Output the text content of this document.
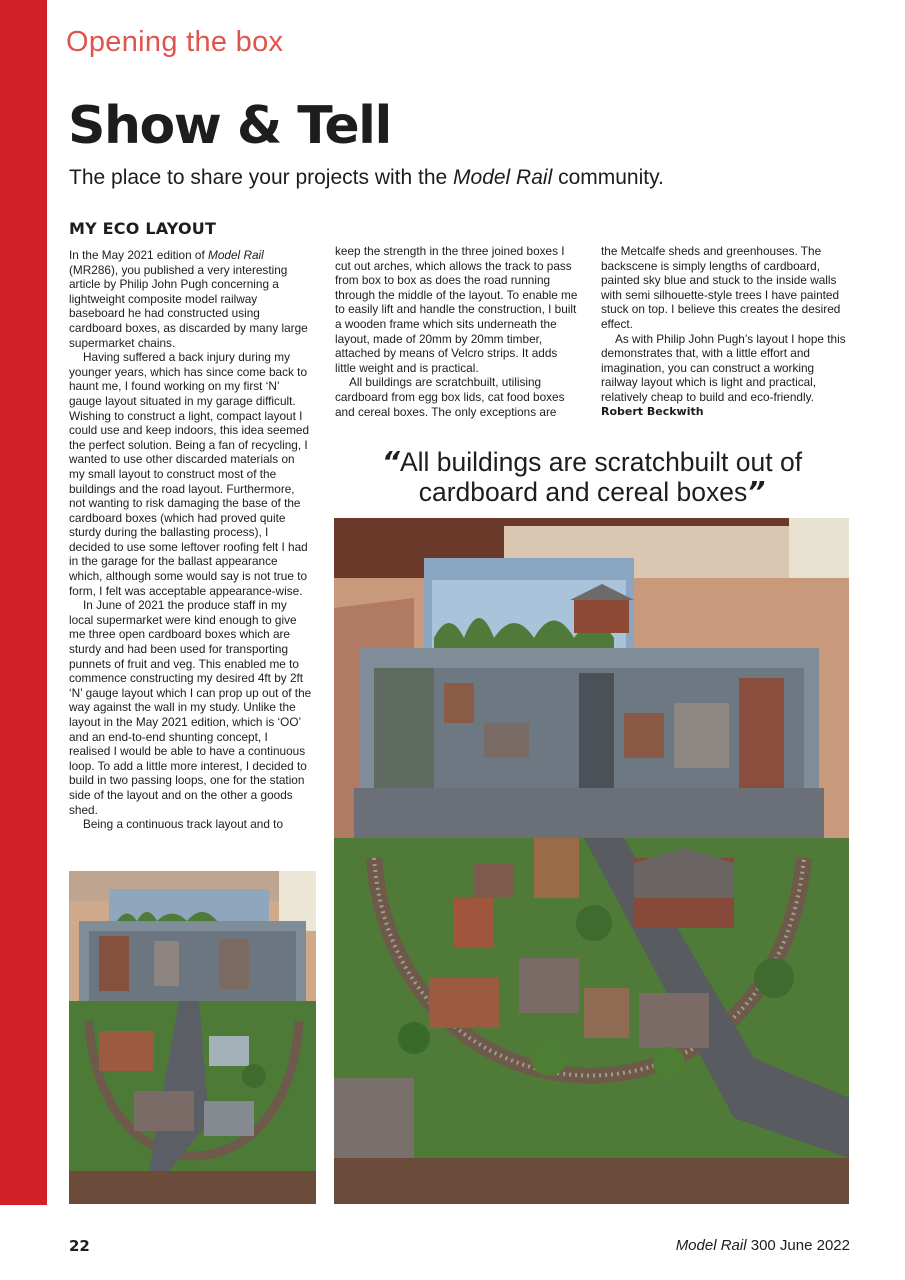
Opening the box
Show & Tell
The place to share your projects with the Model Rail community.
MY ECO LAYOUT

In the May 2021 edition of Model Rail (MR286), you published a very interesting article by Philip John Pugh concerning a lightweight composite model railway baseboard he had constructed using cardboard boxes, as discarded by many large supermarket chains.

Having suffered a back injury during my younger years, which has since come back to haunt me, I found working on my first ‘N’ gauge layout situated in my garage difficult. Wishing to construct a light, compact layout I could use and keep indoors, this idea seemed the perfect solution. Being a fan of recycling, I wanted to use other discarded materials on my small layout to construct most of the buildings and the road layout. Furthermore, not wanting to risk damaging the base of the cardboard boxes (which had proved quite sturdy during the ballasting process), I decided to use some leftover roofing felt I had in the garage for the ballast appearance which, although some would say is not true to form, I felt was acceptable appearance-wise.

In June of 2021 the produce staff in my local supermarket were kind enough to give me three open cardboard boxes which are sturdy and had been used for transporting punnets of fruit and veg. This enabled me to commence constructing my desired 4ft by 2ft ‘N’ gauge layout which I can prop up out of the way against the wall in my study. Unlike the layout in the May 2021 edition, which is ‘OO’ and an end-to-end shunting concept, I realised I would be able to have a continuous loop. To add a little more interest, I decided to build in two passing loops, one for the station side of the layout and on the other a goods shed.

Being a continuous track layout and to

keep the strength in the three joined boxes I cut out arches, which allows the track to pass from box to box as does the road running through the middle of the layout. To enable me to easily lift and handle the construction, I built a wooden frame which sits underneath the layout, made of 20mm by 20mm timber, attached by means of Velcro strips. It adds little weight and is practical.

All buildings are scratchbuilt, utilising cardboard from egg box lids, cat food boxes and cereal boxes. The only exceptions are

the Metcalfe sheds and greenhouses. The backscene is simply lengths of cardboard, painted sky blue and stuck to the inside walls with semi silhouette-style trees I have painted stuck on top. I believe this creates the desired effect.

As with Philip John Pugh’s layout I hope this demonstrates that, with a little effort and imagination, you can construct a working railway layout which is light and practical, relatively cheap to build and eco-friendly.

Robert Beckwith
“All buildings are scratchbuilt out of cardboard and cereal boxes”
22	Model Rail 300 June 2022
